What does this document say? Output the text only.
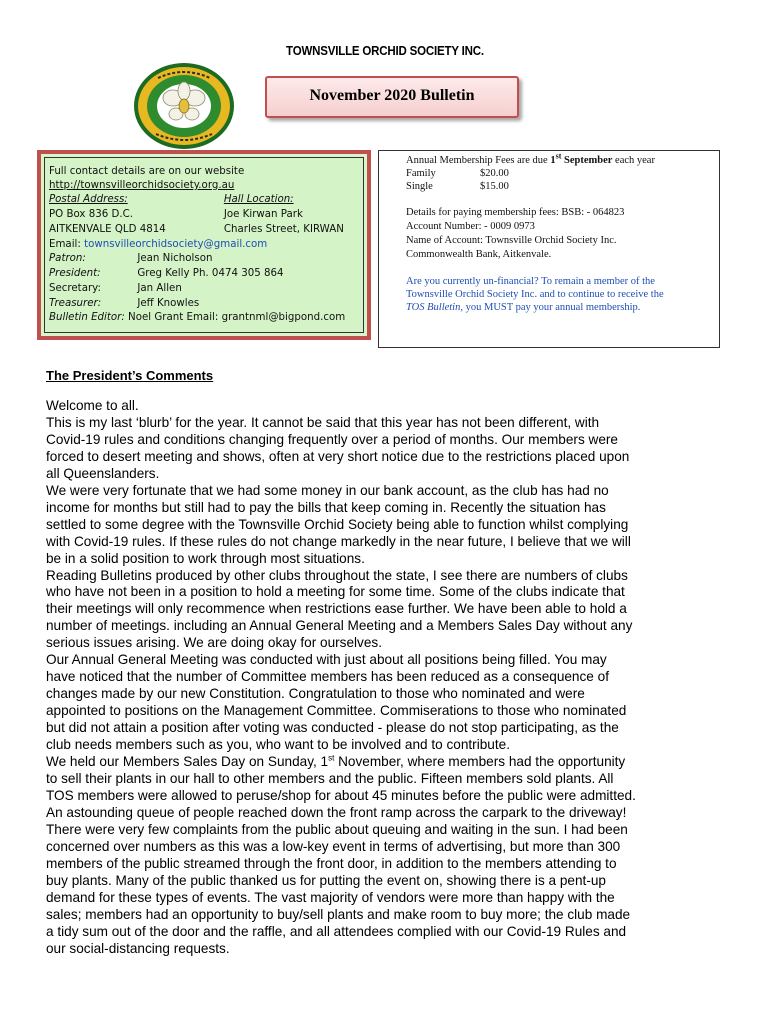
TOWNSVILLE ORCHID SOCIETY INC.
November 2020 Bulletin
Full contact details are on our website
http://townsvilleorchidsociety.org.au
Postal Address:	Hall Location:
PO Box 836 D.C.	Joe Kirwan Park
AITKENVALE QLD 4814	Charles Street, KIRWAN
Email: townsvilleorchidsociety@gmail.com
Patron:	Jean Nicholson
President:	Greg Kelly Ph. 0474 305 864
Secretary:	Jan Allen
Treasurer:	Jeff Knowles
Bulletin Editor: Noel Grant Email: grantnml@bigpond.com
Annual Membership Fees are due 1st September each year
Family	$20.00
Single	$15.00
Details for paying membership fees: BSB: - 064823
Account Number: - 0009 0973
Name of Account: Townsville Orchid Society Inc.
Commonwealth Bank, Aitkenvale.
Are you currently un-financial? To remain a member of the
Townsville Orchid Society Inc. and to continue to receive the
TOS Bulletin, you MUST pay your annual membership.
The President’s Comments

Welcome to all.

This is my last ‘blurb’ for the year. It cannot be said that this year has not been different, with

Covid-19 rules and conditions changing frequently over a period of months. Our members were

forced to desert meeting and shows, often at very short notice due to the restrictions placed upon

all Queenslanders.

We were very fortunate that we had some money in our bank account, as the club has had no

income for months but still had to pay the bills that keep coming in. Recently the situation has

settled to some degree with the Townsville Orchid Society being able to function whilst complying

with Covid-19 rules. If these rules do not change markedly in the near future, I believe that we will

be in a solid position to work through most situations.

Reading Bulletins produced by other clubs throughout the state, I see there are numbers of clubs

who have not been in a position to hold a meeting for some time. Some of the clubs indicate that

their meetings will only recommence when restrictions ease further. We have been able to hold a

number of meetings. including an Annual General Meeting and a Members Sales Day without any

serious issues arising. We are doing okay for ourselves.

Our Annual General Meeting was conducted with just about all positions being filled. You may

have noticed that the number of Committee members has been reduced as a consequence of

changes made by our new Constitution. Congratulation to those who nominated and were

appointed to positions on the Management Committee. Commiserations to those who nominated

but did not attain a position after voting was conducted - please do not stop participating, as the

club needs members such as you, who want to be involved and to contribute.

We held our Members Sales Day on Sunday, 1st November, where members had the opportunity

to sell their plants in our hall to other members and the public. Fifteen members sold plants. All

TOS members were allowed to peruse/shop for about 45 minutes before the public were admitted.

An astounding queue of people reached down the front ramp across the carpark to the driveway!

There were very few complaints from the public about queuing and waiting in the sun. I had been

concerned over numbers as this was a low-key event in terms of advertising, but more than 300

members of the public streamed through the front door, in addition to the members attending to

buy plants. Many of the public thanked us for putting the event on, showing there is a pent-up

demand for these types of events. The vast majority of vendors were more than happy with the

sales; members had an opportunity to buy/sell plants and make room to buy more; the club made

a tidy sum out of the door and the raffle, and all attendees complied with our Covid-19 Rules and

our social-distancing requests.
